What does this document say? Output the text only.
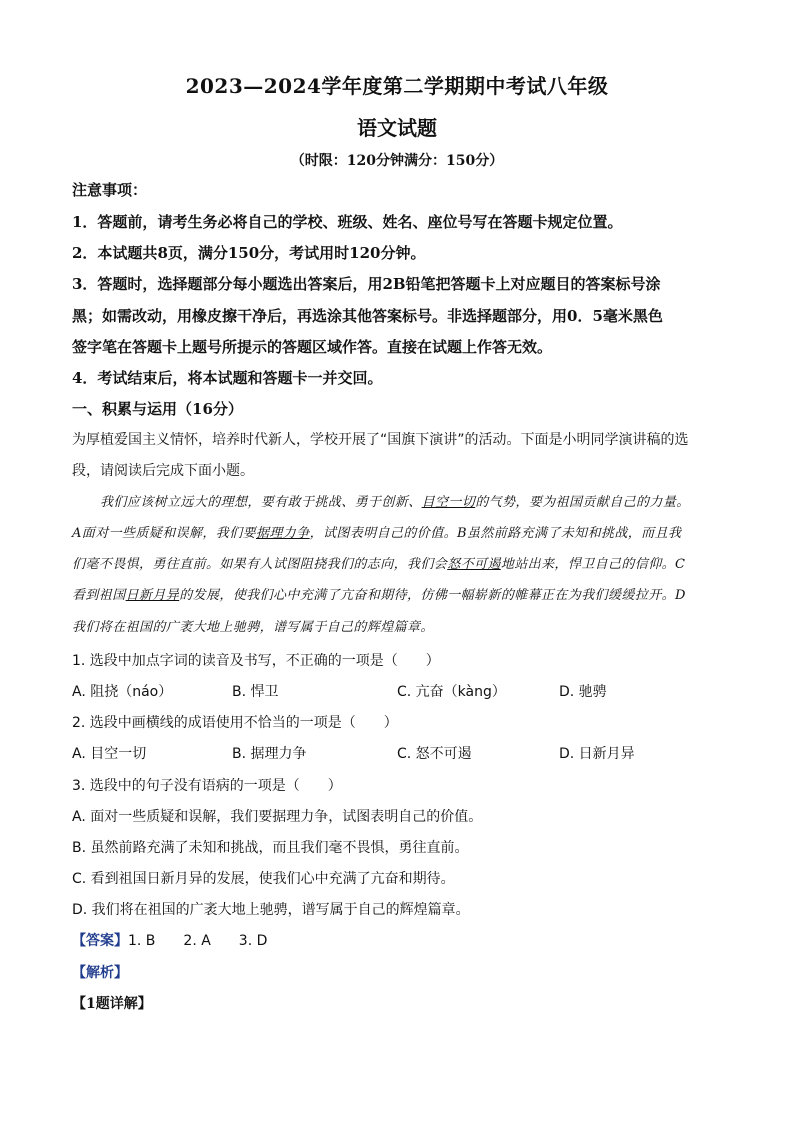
2023—2024学年度第二学期期中考试八年级
语文试题
（时限：120分钟满分：150分）
注意事项：
1．答题前，请考生务必将自己的学校、班级、姓名、座位号写在答题卡规定位置。
2．本试题共8页，满分150分，考试用时120分钟。
3．答题时，选择题部分每小题选出答案后，用2B铅笔把答题卡上对应题目的答案标号涂
黑；如需改动，用橡皮擦干净后，再选涂其他答案标号。非选择题部分，用0．5毫米黑色
签字笔在答题卡上题号所提示的答题区域作答。直接在试题上作答无效。
4．考试结束后，将本试题和答题卡一并交回。
一、积累与运用（16分）
为厚植爱国主义情怀，培养时代新人，学校开展了“国旗下演讲”的活动。下面是小明同学演讲稿的选
段，请阅读后完成下面小题。
我们应该树立远大的理想，要有敢于挑战、勇于创新、目空一切的气势，要为祖国贡献自己的力量。
A面对一些质疑和误解，我们要据理力争，试图表明自己的价值。B虽然前路充满了未知和挑战，而且我
们毫不畏惧，勇往直前。如果有人试图阻挠我们的志向，我们会怒不可遏地站出来，悍卫自己的信仰。C
看到祖国日新月异的发展，使我们心中充满了亢奋和期待，仿佛一幅崭新的帷幕正在为我们缓缓拉开。D
我们将在祖国的广袤大地上驰骋，谱写属于自己的辉煌篇章。
1. 选段中加点字词的读音及书写，不正确的一项是（　　）
A. 阻挠（náo）	B. 悍卫	C. 亢奋（kàng）	D. 驰骋
2. 选段中画横线的成语使用不恰当的一项是（　　）
A. 目空一切	B. 据理力争	C. 怒不可遏	D. 日新月异
3. 选段中的句子没有语病的一项是（　　）
A. 面对一些质疑和误解，我们要据理力争，试图表明自己的价值。
B. 虽然前路充满了未知和挑战，而且我们毫不畏惧，勇往直前。
C. 看到祖国日新月异的发展，使我们心中充满了亢奋和期待。
D. 我们将在祖国的广袤大地上驰骋，谱写属于自己的辉煌篇章。
【答案】1. B　　2. A　　3. D
【解析】
【1题详解】
